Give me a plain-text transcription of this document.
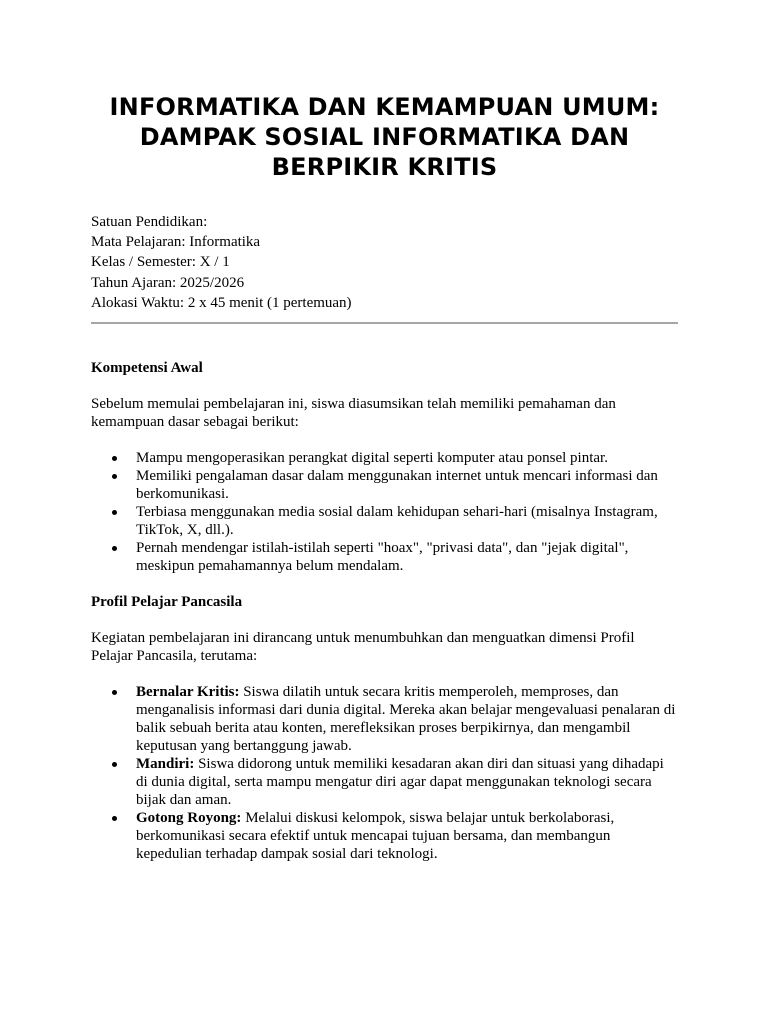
INFORMATIKA DAN KEMAMPUAN UMUM:
DAMPAK SOSIAL INFORMATIKA DAN
BERPIKIR KRITIS
Satuan Pendidikan:
Mata Pelajaran: Informatika
Kelas / Semester: X / 1
Tahun Ajaran: 2025/2026
Alokasi Waktu: 2 x 45 menit (1 pertemuan)
Kompetensi Awal
Sebelum memulai pembelajaran ini, siswa diasumsikan telah memiliki pemahaman dan kemampuan dasar sebagai berikut:
Mampu mengoperasikan perangkat digital seperti komputer atau ponsel pintar.
Memiliki pengalaman dasar dalam menggunakan internet untuk mencari informasi dan berkomunikasi.
Terbiasa menggunakan media sosial dalam kehidupan sehari-hari (misalnya Instagram, TikTok, X, dll.).
Pernah mendengar istilah-istilah seperti "hoax", "privasi data", dan "jejak digital", meskipun pemahamannya belum mendalam.
Profil Pelajar Pancasila
Kegiatan pembelajaran ini dirancang untuk menumbuhkan dan menguatkan dimensi Profil Pelajar Pancasila, terutama:
Bernalar Kritis: Siswa dilatih untuk secara kritis memperoleh, memproses, dan menganalisis informasi dari dunia digital. Mereka akan belajar mengevaluasi penalaran di balik sebuah berita atau konten, merefleksikan proses berpikirnya, dan mengambil keputusan yang bertanggung jawab.
Mandiri: Siswa didorong untuk memiliki kesadaran akan diri dan situasi yang dihadapi di dunia digital, serta mampu mengatur diri agar dapat menggunakan teknologi secara bijak dan aman.
Gotong Royong: Melalui diskusi kelompok, siswa belajar untuk berkolaborasi, berkomunikasi secara efektif untuk mencapai tujuan bersama, dan membangun kepedulian terhadap dampak sosial dari teknologi.
